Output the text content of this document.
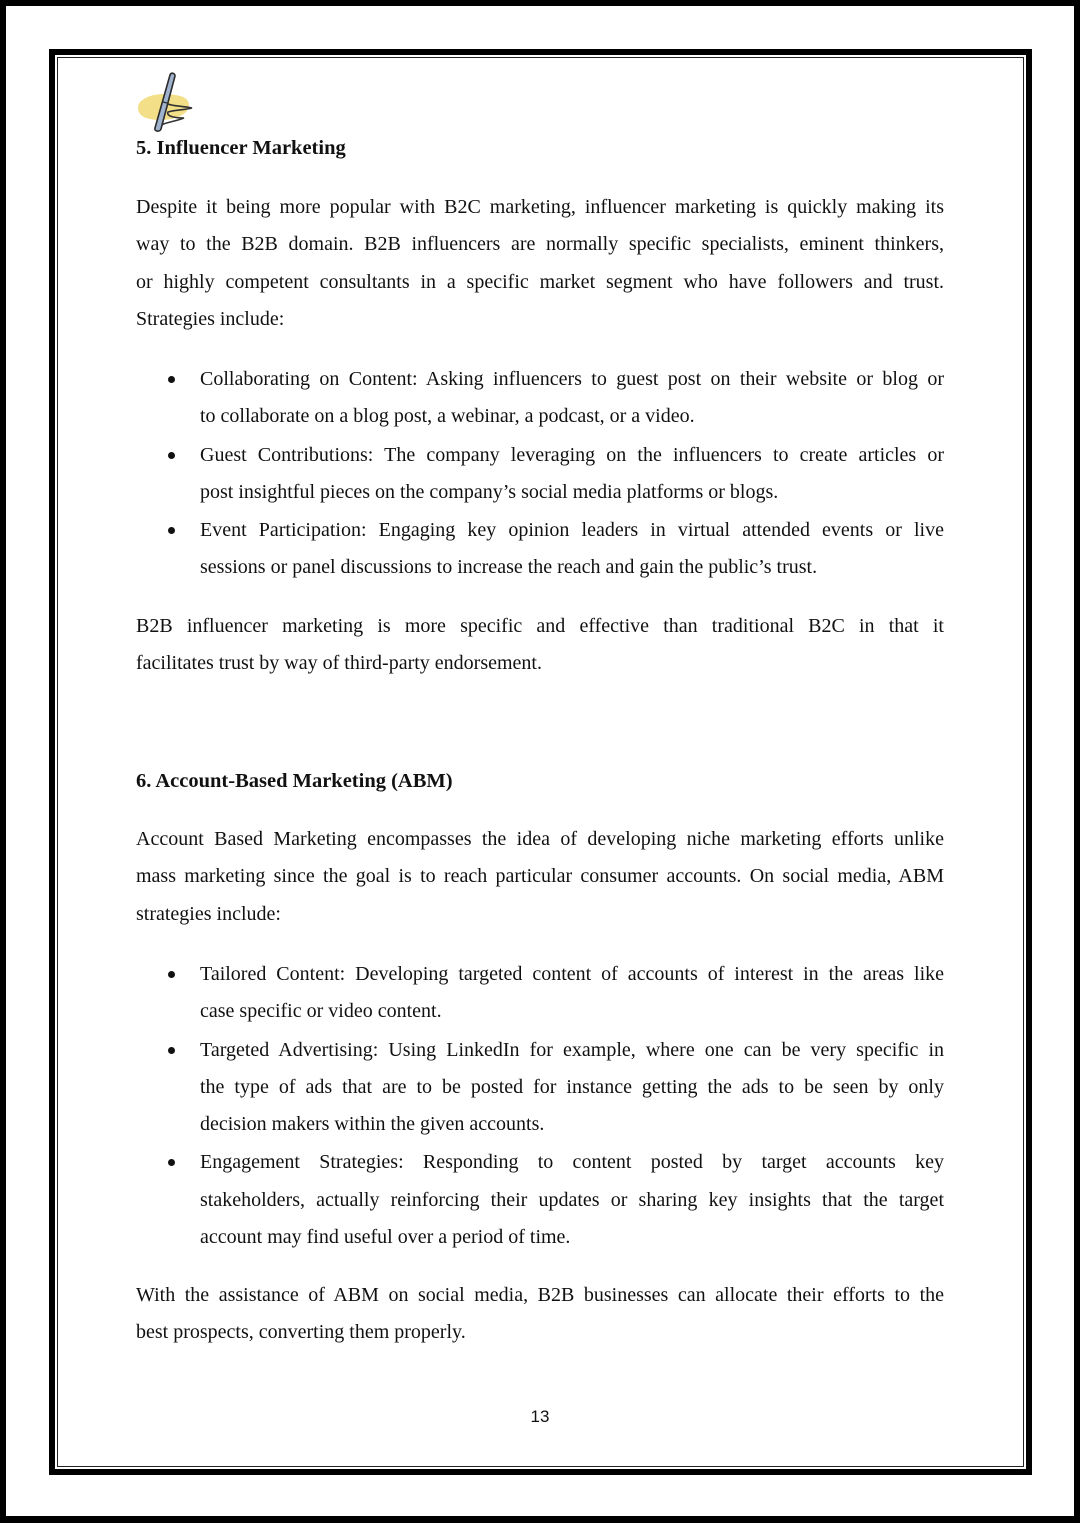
5. Influencer Marketing
Despite it being more popular with B2C marketing, influencer marketing is quickly making its
way to the B2B domain. B2B influencers are normally specific specialists, eminent thinkers,
or highly competent consultants in a specific market segment who have followers and trust.
Strategies include:
Collaborating on Content: Asking influencers to guest post on their website or blog or
to collaborate on a blog post, a webinar, a podcast, or a video.
Guest Contributions: The company leveraging on the influencers to create articles or
post insightful pieces on the company’s social media platforms or blogs.
Event Participation: Engaging key opinion leaders in virtual attended events or live
sessions or panel discussions to increase the reach and gain the public’s trust.
B2B influencer marketing is more specific and effective than traditional B2C in that it
facilitates trust by way of third-party endorsement.
6. Account-Based Marketing (ABM)
Account Based Marketing encompasses the idea of developing niche marketing efforts unlike
mass marketing since the goal is to reach particular consumer accounts. On social media, ABM
strategies include:
Tailored Content: Developing targeted content of accounts of interest in the areas like
case specific or video content.
Targeted Advertising: Using LinkedIn for example, where one can be very specific in
the type of ads that are to be posted for instance getting the ads to be seen by only
decision makers within the given accounts.
Engagement Strategies: Responding to content posted by target accounts key
stakeholders, actually reinforcing their updates or sharing key insights that the target
account may find useful over a period of time.
With the assistance of ABM on social media, B2B businesses can allocate their efforts to the
best prospects, converting them properly.
13
